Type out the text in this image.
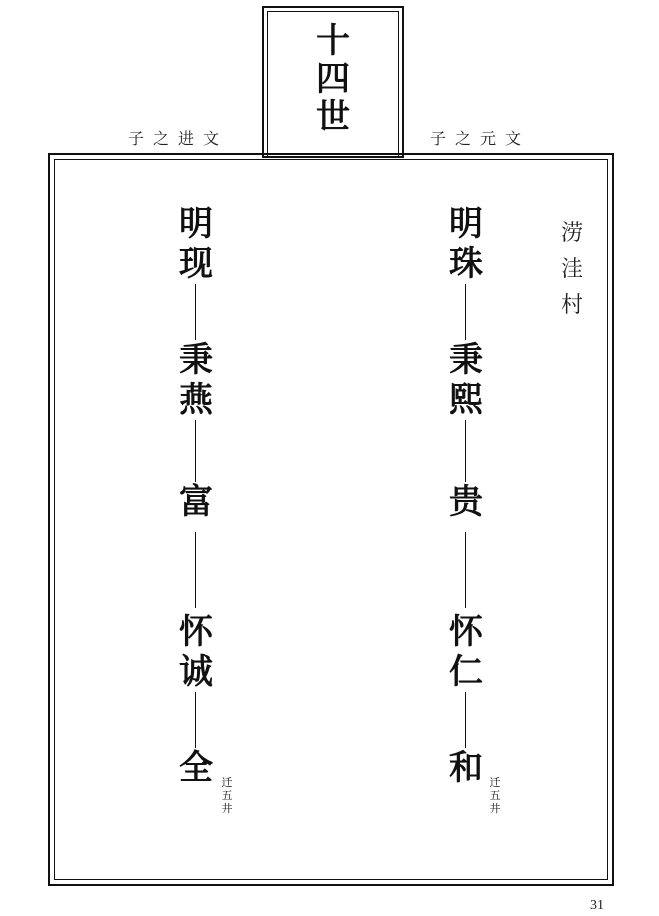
十
四
世
子之进文	子之元文
涝
洼
村
明
现
秉
燕
富
怀
诚
全 迁
五
井
明
珠
秉
熙
贵
怀
仁
和 迁
五
井
31
